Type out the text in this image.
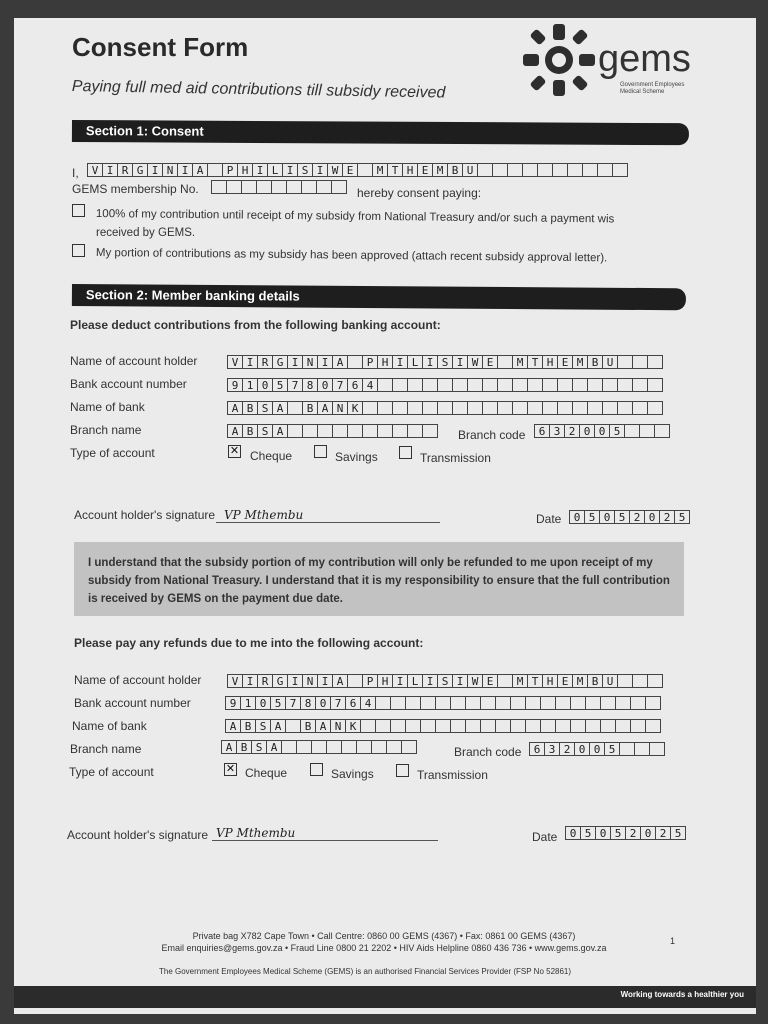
Consent Form
Paying full med aid contributions till subsidy received
gems
Government Employees Medical Scheme
Section 1: Consent
I,	V I R G I N I A	P H I L I S I W E	M T H E M B U
GEMS membership No.	hereby consent paying:
100% of my contribution until receipt of my subsidy from National Treasury and/or such a payment wis
received by GEMS.
My portion of contributions as my subsidy has been approved (attach recent subsidy approval letter).
Section 2: Member banking details
Please deduct contributions from the following banking account:
Name of account holder	V I R G I N I A	P H I L I S I W E	M T H E M B U
Bank account number	9 1 0 5 7 8 0 7 6 4
Name of bank	A B S A	B A N K
Branch name	A B S A	Branch code	6 3 2 0 0 5
Type of account	✕ Cheque	Savings	Transmission
Account holder's signature VP Mthembu	Date	0 5 0 5 2 0 2 5
I understand that the subsidy portion of my contribution will only be refunded to me upon receipt of my subsidy from National Treasury. I understand that it is my responsibility to ensure that the full contribution is received by GEMS on the payment due date.
Please pay any refunds due to me into the following account:
Name of account holder	V I R G I N I A	P H I L I S I W E	M T H E M B U
Bank account number	9 1 0 5 7 8 0 7 6 4
Name of bank	A B S A	B A N K
Branch name	A B S A	Branch code	6 3 2 0 0 5
Type of account	✕ Cheque	Savings	Transmission
Account holder's signature VP Mthembu	Date	0 5 0 5 2 0 2 5
Private bag X782 Cape Town • Call Centre: 0860 00 GEMS (4367) • Fax: 0861 00 GEMS (4367)
Email enquiries@gems.gov.za • Fraud Line 0800 21 2202 • HIV Aids Helpline 0860 436 736 • www.gems.gov.za
1
The Government Employees Medical Scheme (GEMS) is an authorised Financial Services Provider (FSP No 52861)
Working towards a healthier you
